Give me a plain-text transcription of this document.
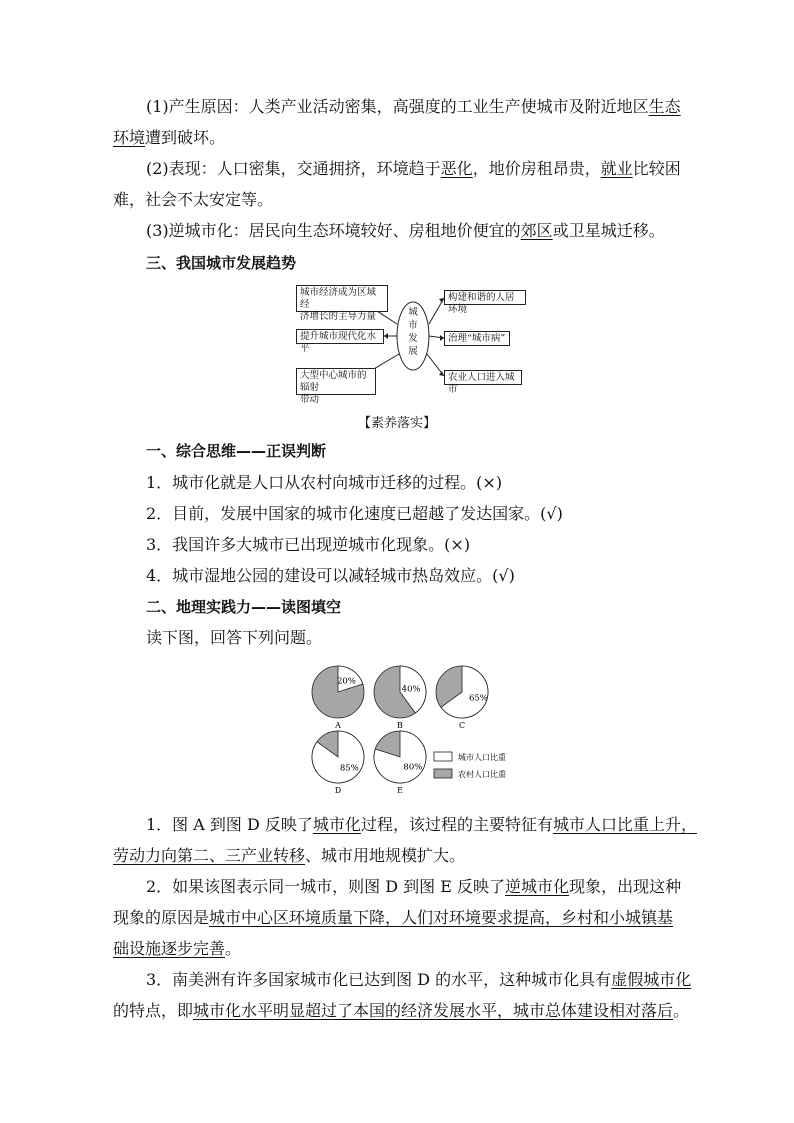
(1)产生原因：人类产业活动密集，高强度的工业生产使城市及附近地区生态
环境遭到破坏。
(2)表现：人口密集，交通拥挤，环境趋于恶化，地价房租昂贵，就业比较困
难，社会不太安定等。
(3)逆城市化：居民向生态环境较好、房租地价便宜的郊区或卫星城迁移。
三、我国城市发展趋势
城
市
发
展
城市经济成为区域经
济增长的主导力量
提升城市现代化水平
大型中心城市的辐射
带动
构建和谐的人居环境
治理“城市病”
农业人口进入城市
【素养落实】
一、综合思维——正误判断
1．城市化就是人口从农村向城市迁移的过程。(×)
2．目前，发展中国家的城市化速度已超越了发达国家。(√)
3．我国许多大城市已出现逆城市化现象。(×)
4．城市湿地公园的建设可以减轻城市热岛效应。(√)
二、地理实践力——读图填空
读下图，回答下列问题。
20%
A
40%
B
65%
C
85%
D
80%
E
城市人口比重
农村人口比重
1．图 A 到图 D 反映了城市化过程，该过程的主要特征有城市人口比重上升，
劳动力向第二、三产业转移、城市用地规模扩大。
2．如果该图表示同一城市，则图 D 到图 E 反映了逆城市化现象，出现这种
现象的原因是城市中心区环境质量下降，人们对环境要求提高，乡村和小城镇基
础设施逐步完善。
3．南美洲有许多国家城市化已达到图 D 的水平，这种城市化具有虚假城市化
的特点，即城市化水平明显超过了本国的经济发展水平，城市总体建设相对落后。
